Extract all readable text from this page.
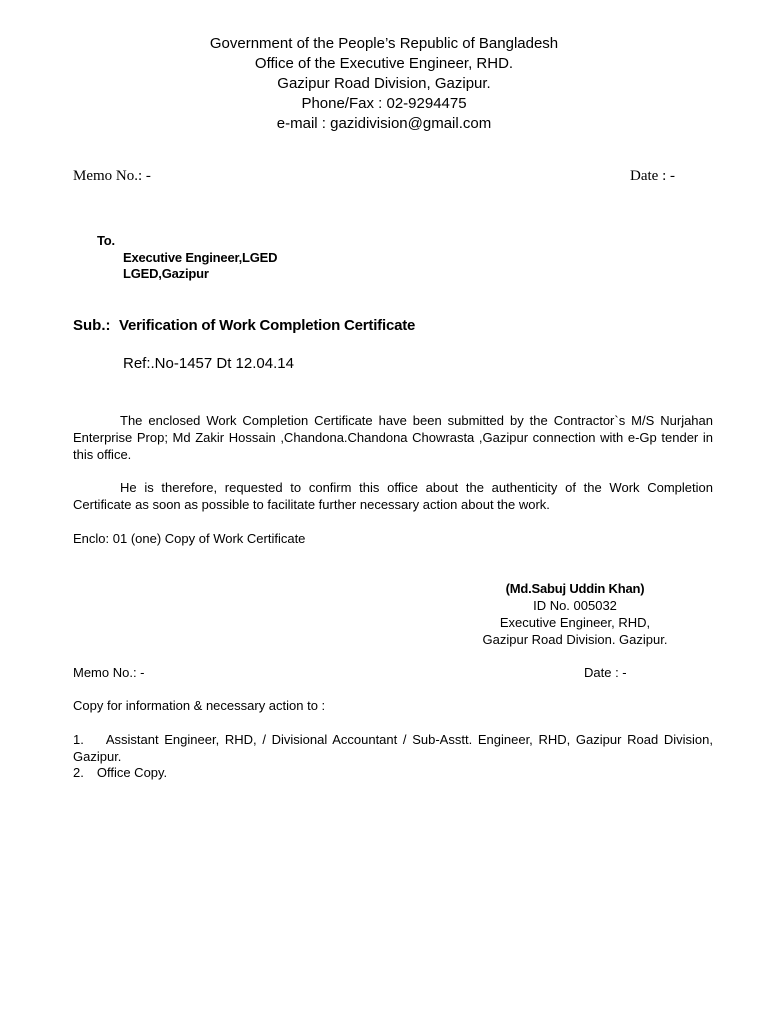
Government of the People’s Republic of Bangladesh
Office of the Executive Engineer, RHD.
Gazipur Road Division, Gazipur.
Phone/Fax : 02-9294475
e-mail : gazidivision@gmail.com
Memo No.: -	Date : -
To.
Executive Engineer,LGED
LGED,Gazipur
Sub.: Verification of Work Completion Certificate
Ref:.No-1457 Dt 12.04.14
The enclosed Work Completion Certificate have been submitted by the Contractor`s M/S Nurjahan Enterprise Prop; Md Zakir Hossain ,Chandona.Chandona Chowrasta ,Gazipur connection with e-Gp tender in this office.
He is therefore, requested to confirm this office about the authenticity of the Work Completion Certificate as soon as possible to facilitate further necessary action about the work.
Enclo: 01 (one) Copy of Work Certificate
(Md.Sabuj Uddin Khan)
ID No. 005032
Executive Engineer, RHD,
Gazipur Road Division. Gazipur.
Memo No.: -	Date : -
Copy for information & necessary action to :
1. Assistant Engineer, RHD, / Divisional Accountant / Sub-Asstt. Engineer, RHD, Gazipur Road Division, Gazipur.
2. Office Copy.
